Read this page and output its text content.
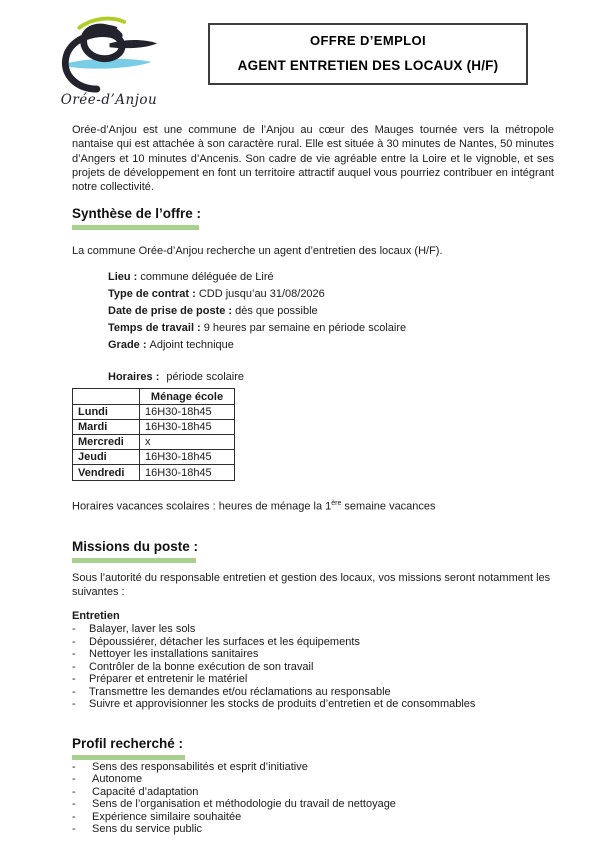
Orée-d’Anjou
OFFRE D’EMPLOI
AGENT ENTRETIEN DES LOCAUX (H/F)

Orée-d’Anjou est une commune de l’Anjou au cœur des Mauges tournée vers la métropole nantaise qui est attachée à son caractère rural. Elle est située à 30 minutes de Nantes, 50 minutes d’Angers et 10 minutes d’Ancenis. Son cadre de vie agréable entre la Loire et le vignoble, et ses projets de développement en font un territoire attractif auquel vous pourriez contribuer en intégrant notre collectivité.

Synthèse de l’offre :

La commune Orée-d’Anjou recherche un agent d’entretien des locaux (H/F).

Lieu : commune déléguée de Liré
Type de contrat : CDD jusqu’au 31/08/2026
Date de prise de poste : dès que possible
Temps de travail : 9 heures par semaine en période scolaire
Grade : Adjoint technique
Horaires : période scolaire
	Ménage école
Lundi	16H30-18h45
Mardi	16H30-18h45
Mercredi	x
Jeudi	16H30-18h45
Vendredi	16H30-18h45
Horaires vacances scolaires : heures de ménage la 1ère semaine vacances
Missions du poste :

Sous l’autorité du responsable entretien et gestion des locaux, vos missions seront notamment les suivantes :

Entretien
-	Balayer, laver les sols
-	Dépoussiérer, détacher les surfaces et les équipements
-	Nettoyer les installations sanitaires
-	Contrôler de la bonne exécution de son travail
-	Préparer et entretenir le matériel
-	Transmettre les demandes et/ou réclamations au responsable
-	Suivre et approvisionner les stocks de produits d’entretien et de consommables
Profil recherché :
-	Sens des responsabilités et esprit d’initiative
-	Autonome
-	Capacité d’adaptation
-	Sens de l’organisation et méthodologie du travail de nettoyage
-	Expérience similaire souhaitée
-	Sens du service public
